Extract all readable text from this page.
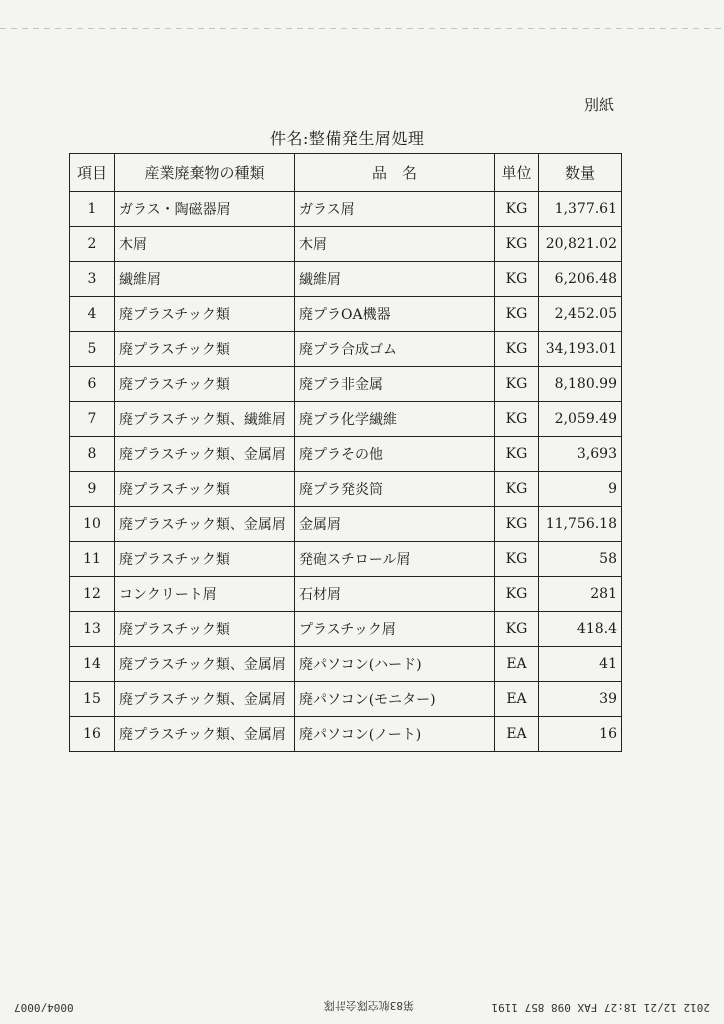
別紙
件名:整備発生屑処理
項目	産業廃棄物の種類	品　名	単位	数量
1	ガラス・陶磁器屑	ガラス屑	KG	1,377.61
2	木屑	木屑	KG	20,821.02
3	繊維屑	繊維屑	KG	6,206.48
4	廃プラスチック類	廃プラOA機器	KG	2,452.05
5	廃プラスチック類	廃プラ合成ゴム	KG	34,193.01
6	廃プラスチック類	廃プラ非金属	KG	8,180.99
7	廃プラスチック類、繊維屑	廃プラ化学繊維	KG	2,059.49
8	廃プラスチック類、金属屑	廃プラその他	KG	3,693
9	廃プラスチック類	廃プラ発炎筒	KG	9
10	廃プラスチック類、金属屑	金属屑	KG	11,756.18
11	廃プラスチック類	発砲スチロール屑	KG	58
12	コンクリート屑	石材屑	KG	281
13	廃プラスチック類	プラスチック屑	KG	418.4
14	廃プラスチック類、金属屑	廃パソコン(ハード)	EA	41
15	廃プラスチック類、金属屑	廃パソコン(モニター)	EA	39
16	廃プラスチック類、金属屑	廃パソコン(ノート)	EA	16
2012 12/21 18:27 FAX 098 857 1191
第83航空隊会計隊
0004/0007
